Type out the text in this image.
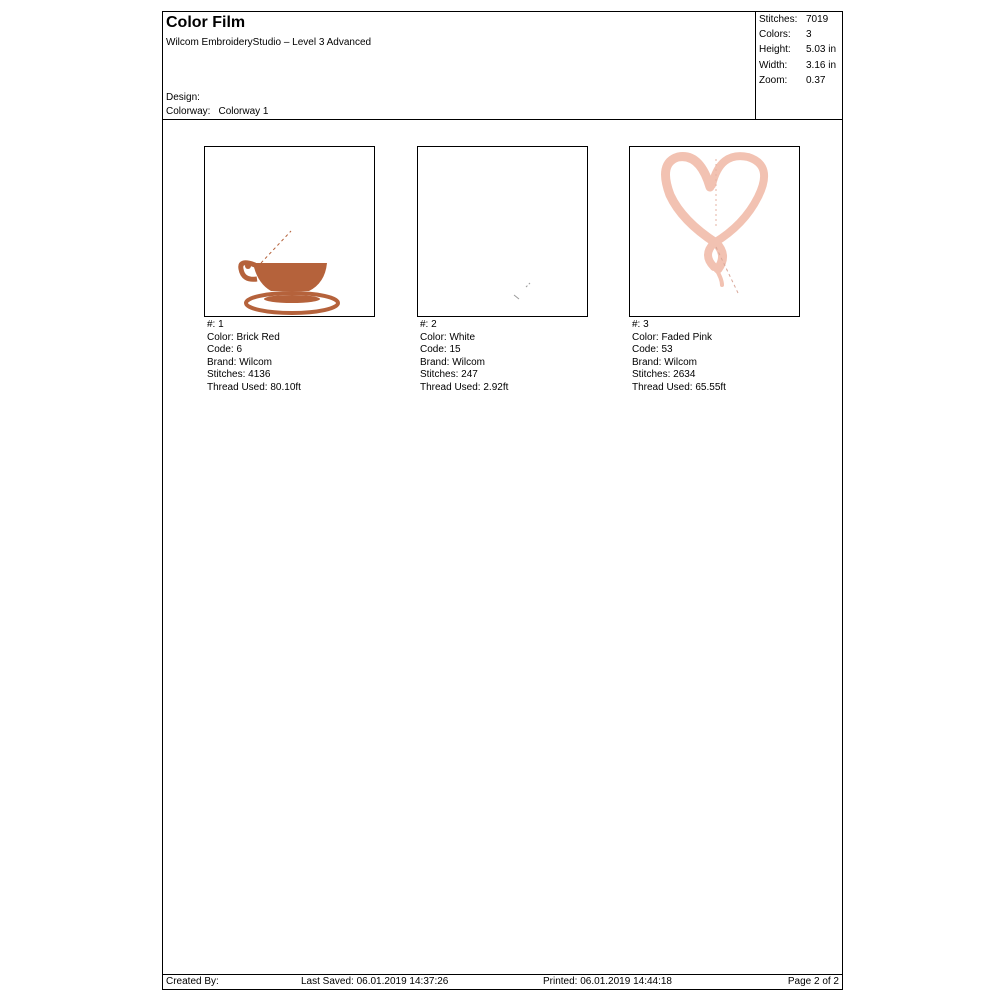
Color Film
Wilcom EmbroideryStudio – Level 3 Advanced
Design:
Colorway: Colorway 1
Stitches: 7019
Colors: 3
Height: 5.03 in
Width: 3.16 in
Zoom: 0.37
#: 1
Color: Brick Red
Code: 6
Brand: Wilcom
Stitches: 4136
Thread Used: 80.10ft
#: 2
Color: White
Code: 15
Brand: Wilcom
Stitches: 247
Thread Used: 2.92ft
#: 3
Color: Faded Pink
Code: 53
Brand: Wilcom
Stitches: 2634
Thread Used: 65.55ft
Created By:	Last Saved: 06.01.2019 14:37:26	Printed: 06.01.2019 14:44:18	Page 2 of 2
